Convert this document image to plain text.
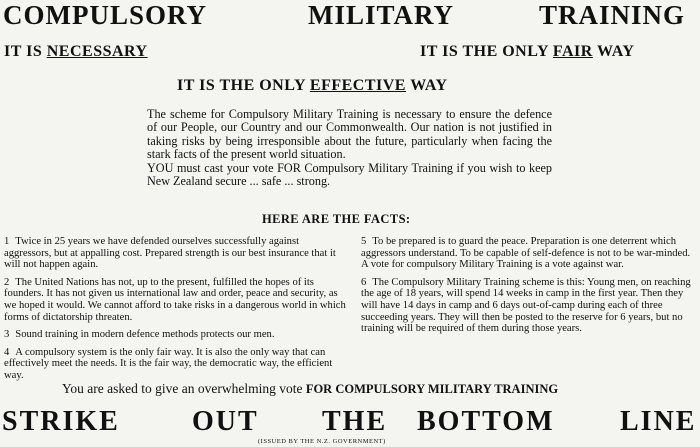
COMPULSORY	MILITARY	TRAINING
IT IS NECESSARY	IT IS THE ONLY FAIR WAY
IT IS THE ONLY EFFECTIVE WAY

The scheme for Compulsory Military Training is necessary to ensure the defence of our People, our Country and our Commonwealth. Our nation is not justified in taking risks by being irresponsible about the future, particularly when facing the stark facts of the present world situation.

YOU must cast your vote FOR Compulsory Military Training if you wish to keep New Zealand secure ... safe ... strong.

HERE ARE THE FACTS:
1 Twice in 25 years we have defended ourselves successfully against aggressors, but at appalling cost. Prepared strength is our best insurance that it will not happen again.
2 The United Nations has not, up to the present, fulfilled the hopes of its founders. It has not given us international law and order, peace and security, as we hoped it would. We cannot afford to take risks in a dangerous world in which forms of dictatorship threaten.
3 Sound training in modern defence methods protects our men.
4 A compulsory system is the only fair way. It is also the only way that can effectively meet the needs. It is the fair way, the democratic way, the efficient way.
5 To be prepared is to guard the peace. Preparation is one deterrent which aggressors understand. To be capable of self-defence is not to be war-minded. A vote for compulsory Military Training is a vote against war.
6 The Compulsory Military Training scheme is this: Young men, on reaching the age of 18 years, will spend 14 weeks in camp in the first year. Then they will have 14 days in camp and 6 days out-of-camp during each of three succeeding years. They will then be posted to the reserve for 6 years, but no training will be required of them during those years.
You are asked to give an overwhelming vote FOR COMPULSORY MILITARY TRAINING
STRIKE	OUT THE BOTTOM LINE
(ISSUED BY THE N.Z. GOVERNMENT)
